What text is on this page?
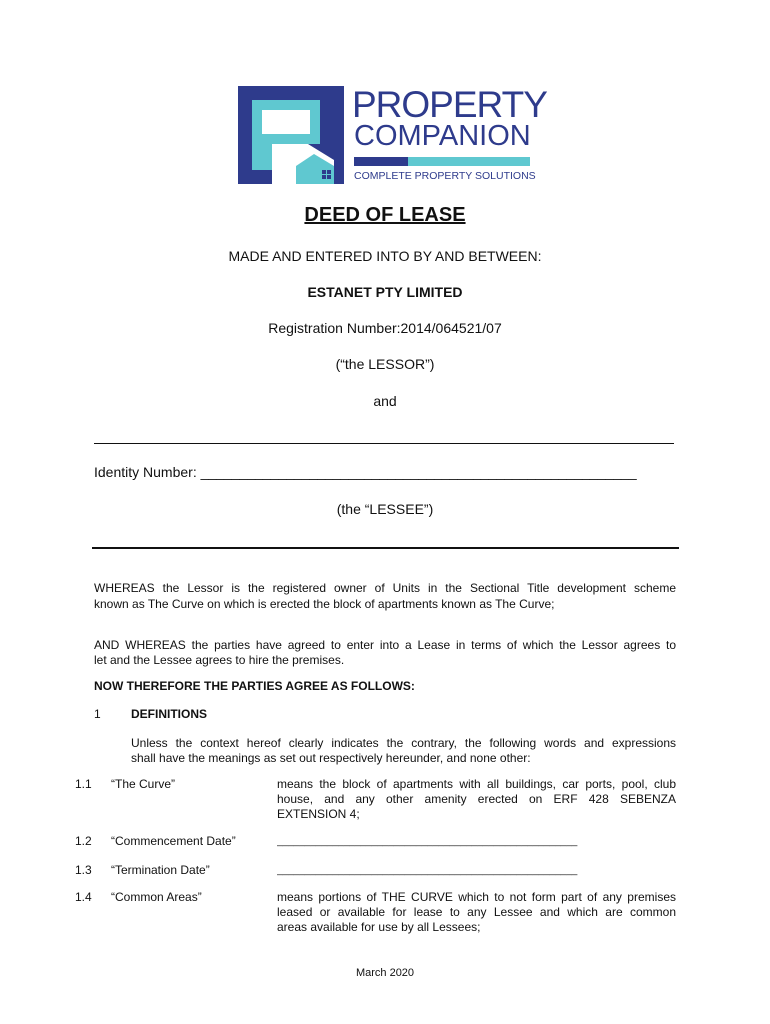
PROPERTY
COMPANION
COMPLETE PROPERTY SOLUTIONS
DEED OF LEASE
MADE AND ENTERED INTO BY AND BETWEEN:
ESTANET PTY LIMITED
Registration Number:2014/064521/07
(“the LESSOR”)
and
Identity Number: ________________________________________________________
(the “LESSEE”)
WHEREAS the Lessor is the registered owner of Units in the Sectional Title development scheme
known as The Curve on which is erected the block of apartments known as The Curve;
AND WHEREAS the parties have agreed to enter into a Lease in terms of which the Lessor agrees to
let and the Lessee agrees to hire the premises.
NOW THEREFORE THE PARTIES AGREE AS FOLLOWS:
1	DEFINITIONS
Unless the context hereof clearly indicates the contrary, the following words and expressions
shall have the meanings as set out respectively hereunder, and none other:
1.1 “The Curve”	means the block of apartments with all buildings, car ports, pool, club
house, and any other amenity erected on ERF 428 SEBENZA
EXTENSION 4;
1.2 “Commencement Date”	______________________________________________________
1.3 “Termination Date”	______________________________________________________
1.4 “Common Areas”	means portions of THE CURVE which to not form part of any premises
leased or available for lease to any Lessee and which are common
areas available for use by all Lessees;
March 2020
